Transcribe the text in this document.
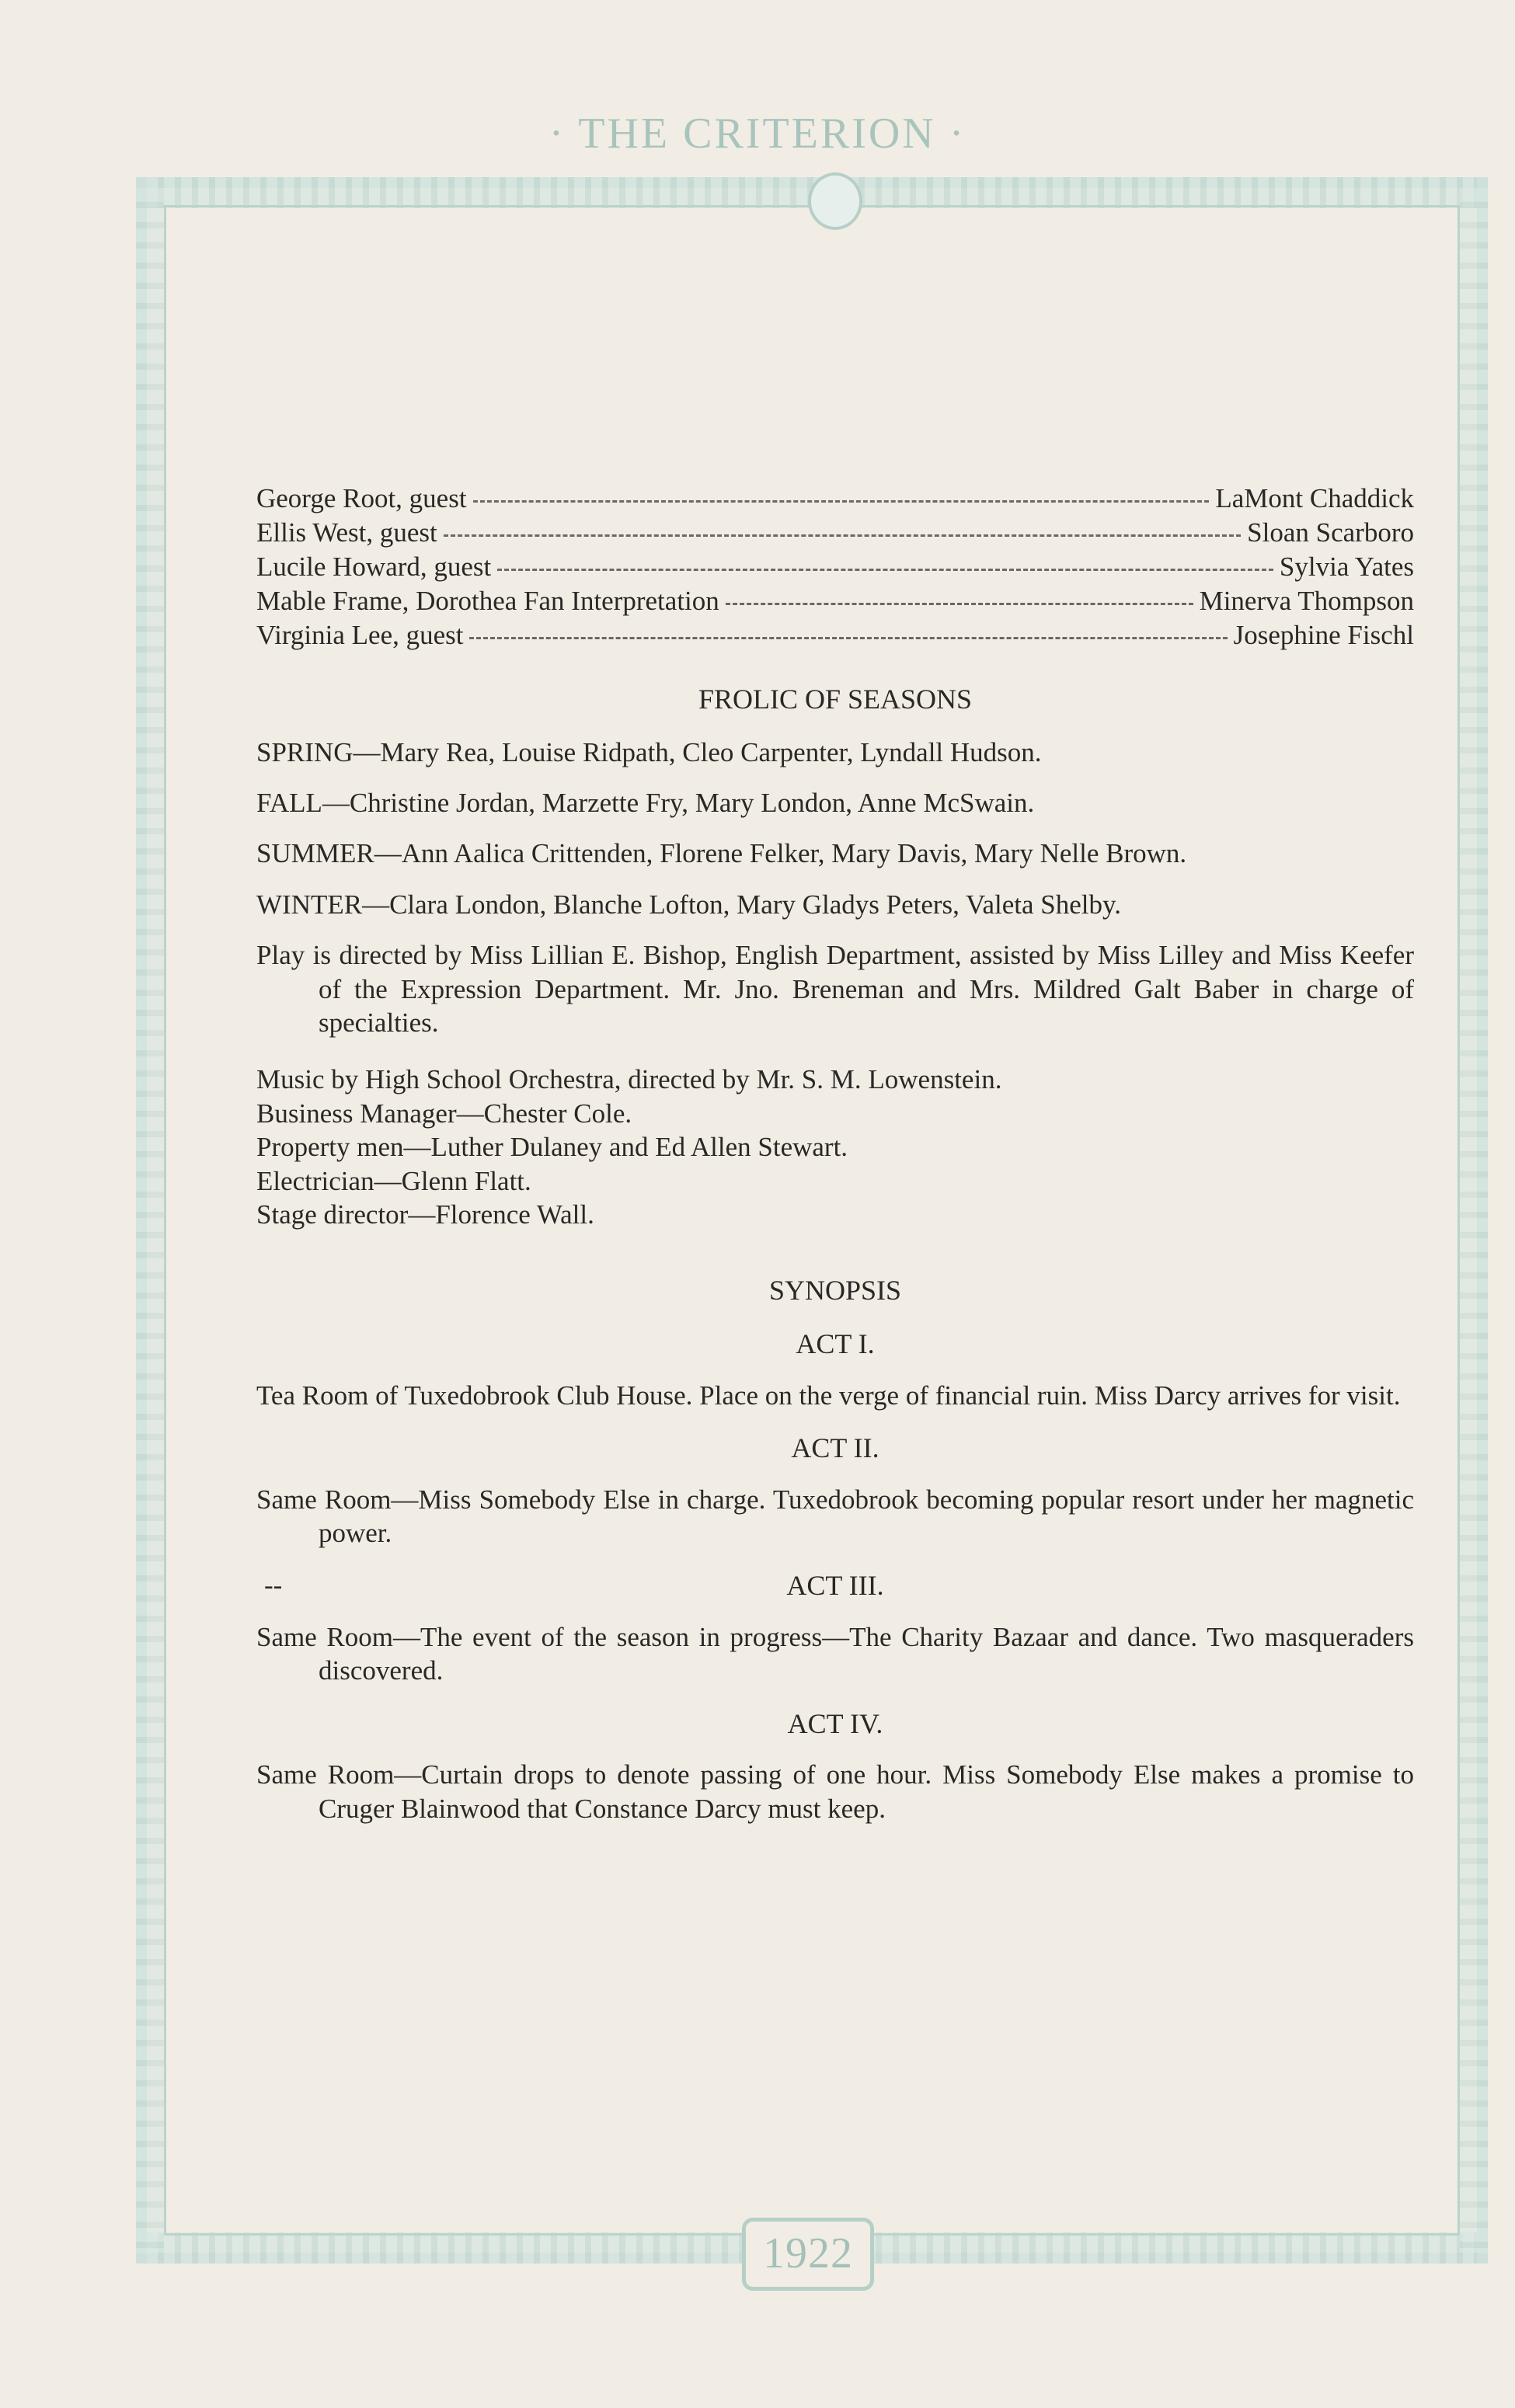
· THE CRITERION ·
1922
George Root, guest	LaMont Chaddick
Ellis West, guest	Sloan Scarboro
Lucile Howard, guest	Sylvia Yates
Mable Frame, Dorothea Fan Interpretation	Minerva Thompson
Virginia Lee, guest	Josephine Fischl
FROLIC OF SEASONS

SPRING—Mary Rea, Louise Ridpath, Cleo Carpenter, Lyndall Hudson.

FALL—Christine Jordan, Marzette Fry, Mary London, Anne McSwain.

SUMMER—Ann Aalica Crittenden, Florene Felker, Mary Davis, Mary Nelle Brown.

WINTER—Clara London, Blanche Lofton, Mary Gladys Peters, Valeta Shelby.

Play is directed by Miss Lillian E. Bishop, English Department, assisted by Miss Lilley and Miss Keefer of the Expression Department. Mr. Jno. Breneman and Mrs. Mildred Galt Baber in charge of specialties.

Music by High School Orchestra, directed by Mr. S. M. Lowenstein.
Business Manager—Chester Cole.
Property men—Luther Dulaney and Ed Allen Stewart.
Electrician—Glenn Flatt.
Stage director—Florence Wall.
SYNOPSIS
ACT I.

Tea Room of Tuxedobrook Club House. Place on the verge of financial ruin. Miss Darcy arrives for visit.

ACT II.

Same Room—Miss Somebody Else in charge. Tuxedobrook becoming popular resort under her magnetic power.

--	ACT III.

Same Room—The event of the season in progress—The Charity Bazaar and dance. Two masqueraders discovered.

ACT IV.

Same Room—Curtain drops to denote passing of one hour. Miss Somebody Else makes a promise to Cruger Blainwood that Constance Darcy must keep.
